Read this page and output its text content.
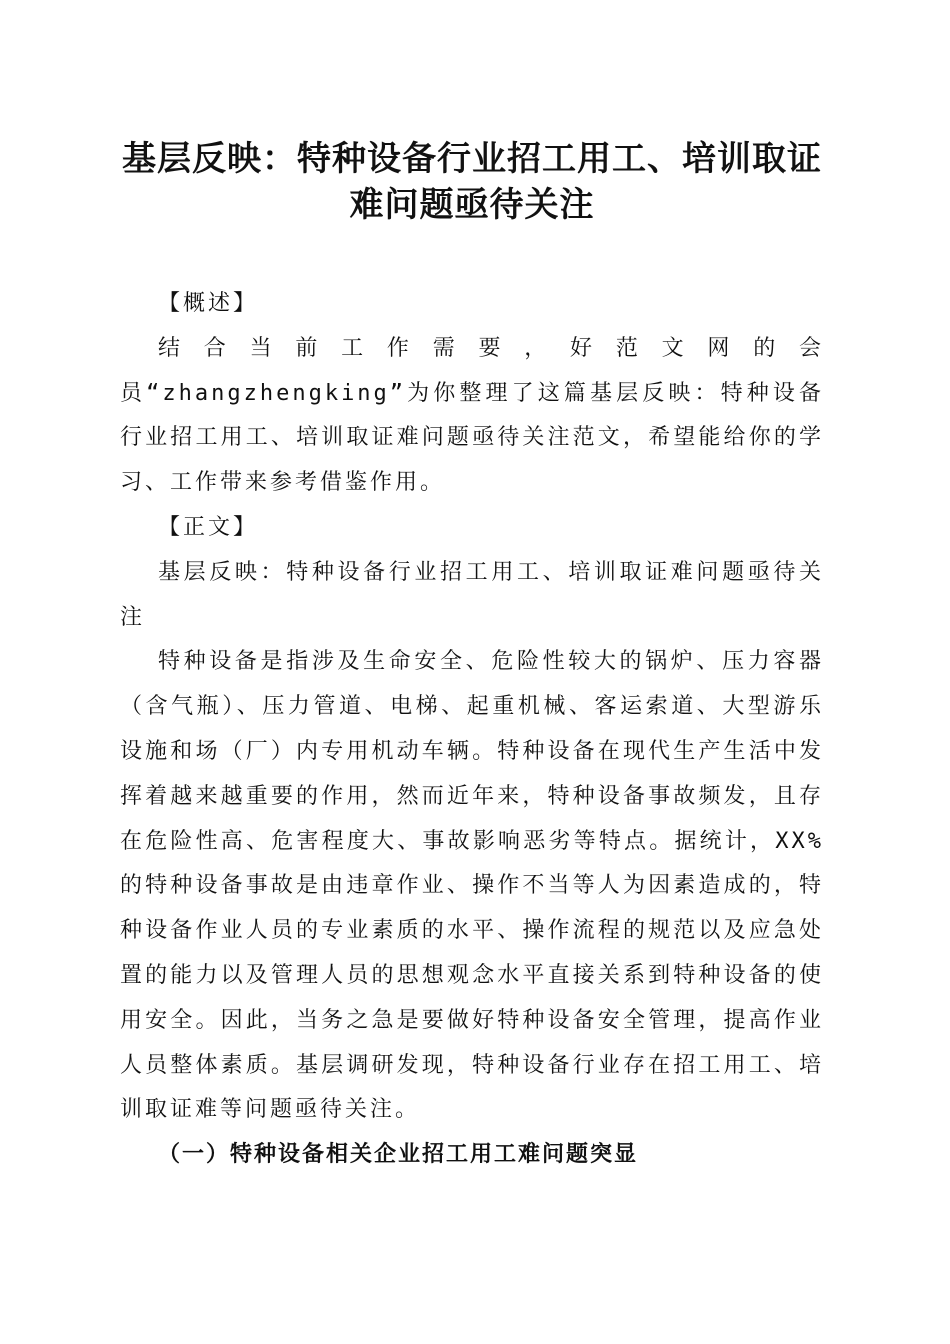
基层反映：特种设备行业招工用工、培训取证
难问题亟待关注

【概述】

结合当前工作需要，好范文网的会员“zhangzhengking”为你整理了这篇基层反映：特种设备行业招工用工、培训取证难问题亟待关注范文，希望能给你的学习、工作带来参考借鉴作用。

【正文】

基层反映：特种设备行业招工用工、培训取证难问题亟待关注

特种设备是指涉及生命安全、危险性较大的锅炉、压力容器（含气瓶）、压力管道、电梯、起重机械、客运索道、大型游乐设施和场（厂）内专用机动车辆。特种设备在现代生产生活中发挥着越来越重要的作用，然而近年来，特种设备事故频发，且存在危险性高、危害程度大、事故影响恶劣等特点。据统计，XX%的特种设备事故是由违章作业、操作不当等人为因素造成的，特种设备作业人员的专业素质的水平、操作流程的规范以及应急处置的能力以及管理人员的思想观念水平直接关系到特种设备的使用安全。因此，当务之急是要做好特种设备安全管理，提高作业人员整体素质。基层调研发现，特种设备行业存在招工用工、培训取证难等问题亟待关注。

（一）特种设备相关企业招工用工难问题突显
